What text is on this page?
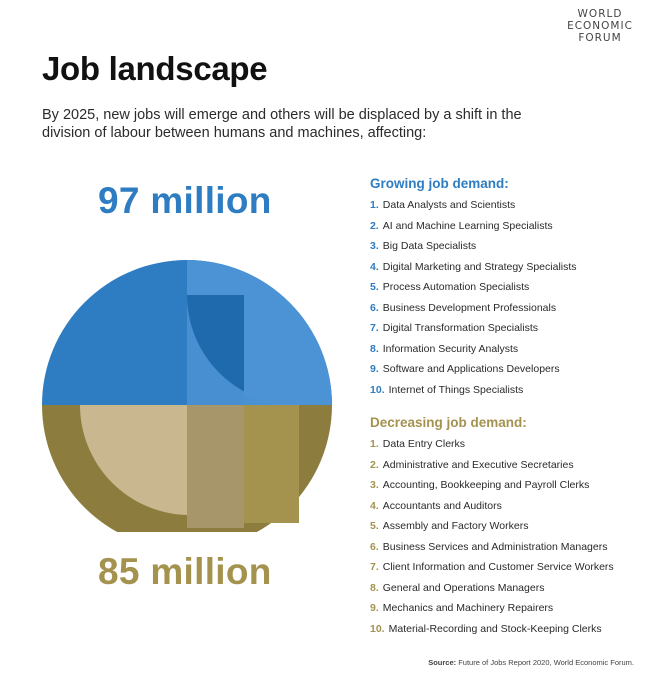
WORLD
ECONOMIC
FORUM
Job landscape

By 2025, new jobs will emerge and others will be displaced by a shift in the division of labour between humans and machines, affecting:

97 million
85 million
Growing job demand:
1. Data Analysts and Scientists
2. AI and Machine Learning Specialists
3. Big Data Specialists
4. Digital Marketing and Strategy Specialists
5. Process Automation Specialists
6. Business Development Professionals
7. Digital Transformation Specialists
8. Information Security Analysts
9. Software and Applications Developers
10. Internet of Things Specialists
Decreasing job demand:
1. Data Entry Clerks
2. Administrative and Executive Secretaries
3. Accounting, Bookkeeping and Payroll Clerks
4. Accountants and Auditors
5. Assembly and Factory Workers
6. Business Services and Administration Managers
7. Client Information and Customer Service Workers
8. General and Operations Managers
9. Mechanics and Machinery Repairers
10. Material-Recording and Stock-Keeping Clerks
Source: Future of Jobs Report 2020, World Economic Forum.
